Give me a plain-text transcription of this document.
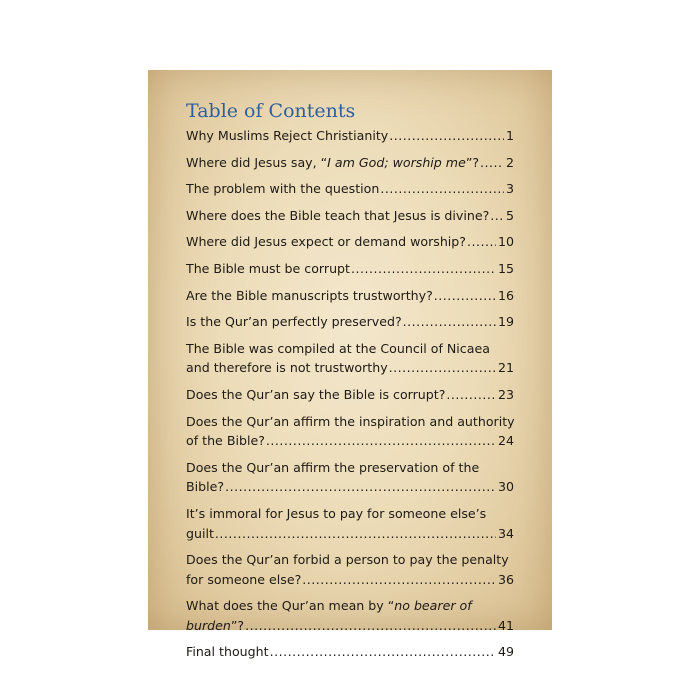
Table of Contents
Why Muslims Reject Christianity .....	1
Where did Jesus say, “I am God; worship me”? ..... 2
The problem with the question .....	3
Where does the Bible teach that Jesus is divine? ..... 5
Where did Jesus expect or demand worship? .....	10
The Bible must be corrupt .....	15
Are the Bible manuscripts trustworthy? .....	16
Is the Qur’an perfectly preserved? .....	19
The Bible was compiled at the Council of Nicaea
and therefore is not trustworthy .....	21
Does the Qur’an say the Bible is corrupt? .....	23
Does the Qur’an affirm the inspiration and authority
of the Bible? .....	24
Does the Qur’an affirm the preservation of the
Bible? .....	30
It’s immoral for Jesus to pay for someone else’s
guilt .....	34
Does the Qur’an forbid a person to pay the penalty
for someone else? .....	36
What does the Qur’an mean by “no bearer of
burden”? .....	41
Final thought .....	49
